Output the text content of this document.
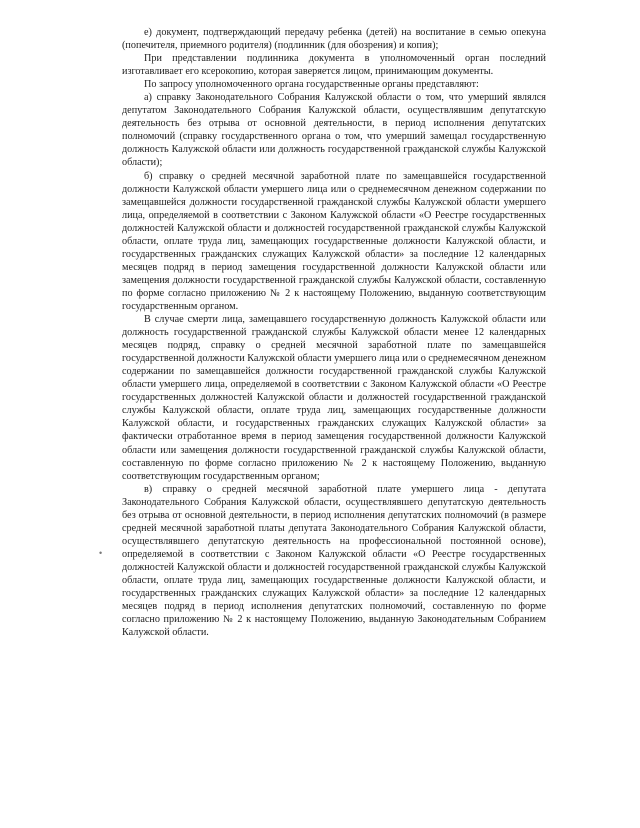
•

е) документ, подтверждающий передачу ребенка (детей) на воспитание в семью опекуна (попечителя, приемного родителя) (подлинник (для обозрения) и копия);

При представлении подлинника документа в уполномоченный орган последний изготавливает его ксерокопию, которая заверяется лицом, принимающим документы.

По запросу уполномоченного органа государственные органы представляют:

а) справку Законодательного Собрания Калужской области о том, что умерший являлся депутатом Законодательного Собрания Калужской области, осуществлявшим депутатскую деятельность без отрыва от основной деятельности, в период исполнения депутатских полномочий (справку государственного органа о том, что умерший замещал государственную должность Калужской области или должность государственной гражданской службы Калужской области);

б) справку о средней месячной заработной плате по замещавшейся государственной должности Калужской области умершего лица или о среднемесячном денежном содержании по замещавшейся должности государственной гражданской службы Калужской области умершего лица, определяемой в соответствии с Законом Калужской области «О Реестре государственных должностей Калужской области и должностей государственной гражданской службы Калужской области, оплате труда лиц, замещающих государственные должности Калужской области, и государственных гражданских служащих Калужской области» за последние 12 календарных месяцев подряд в период замещения государственной должности Калужской области или замещения должности государственной гражданской службы Калужской области, составленную по форме согласно приложению № 2 к настоящему Положению, выданную соответствующим государственным органом.

В случае смерти лица, замещавшего государственную должность Калужской области или должность государственной гражданской службы Калужской области менее 12 календарных месяцев подряд, справку о средней месячной заработной плате по замещавшейся государственной должности Калужской области умершего лица или о среднемесячном денежном содержании по замещавшейся должности государственной гражданской службы Калужской области умершего лица, определяемой в соответствии с Законом Калужской области «О Реестре государственных должностей Калужской области и должностей государственной гражданской службы Калужской области, оплате труда лиц, замещающих государственные должности Калужской области, и государственных гражданских служащих Калужской области» за фактически отработанное время в период замещения государственной должности Калужской области или замещения должности государственной гражданской службы Калужской области, составленную по форме согласно приложению № 2 к настоящему Положению, выданную соответствующим государственным органом;

в) справку о средней месячной заработной плате умершего лица - депутата Законодательного Собрания Калужской области, осуществлявшего депутатскую деятельность без отрыва от основной деятельности, в период исполнения депутатских полномочий (в размере средней месячной заработной платы депутата Законодательного Собрания Калужской области, осуществлявшего депутатскую деятельность на профессиональной постоянной основе), определяемой в соответствии с Законом Калужской области «О Реестре государственных должностей Калужской области и должностей государственной гражданской службы Калужской области, оплате труда лиц, замещающих государственные должности Калужской области, и государственных гражданских служащих Калужской области» за последние 12 календарных месяцев подряд в период исполнения депутатских полномочий, составленную по форме согласно приложению № 2 к настоящему Положению, выданную Законодательным Собранием Калужской области.
